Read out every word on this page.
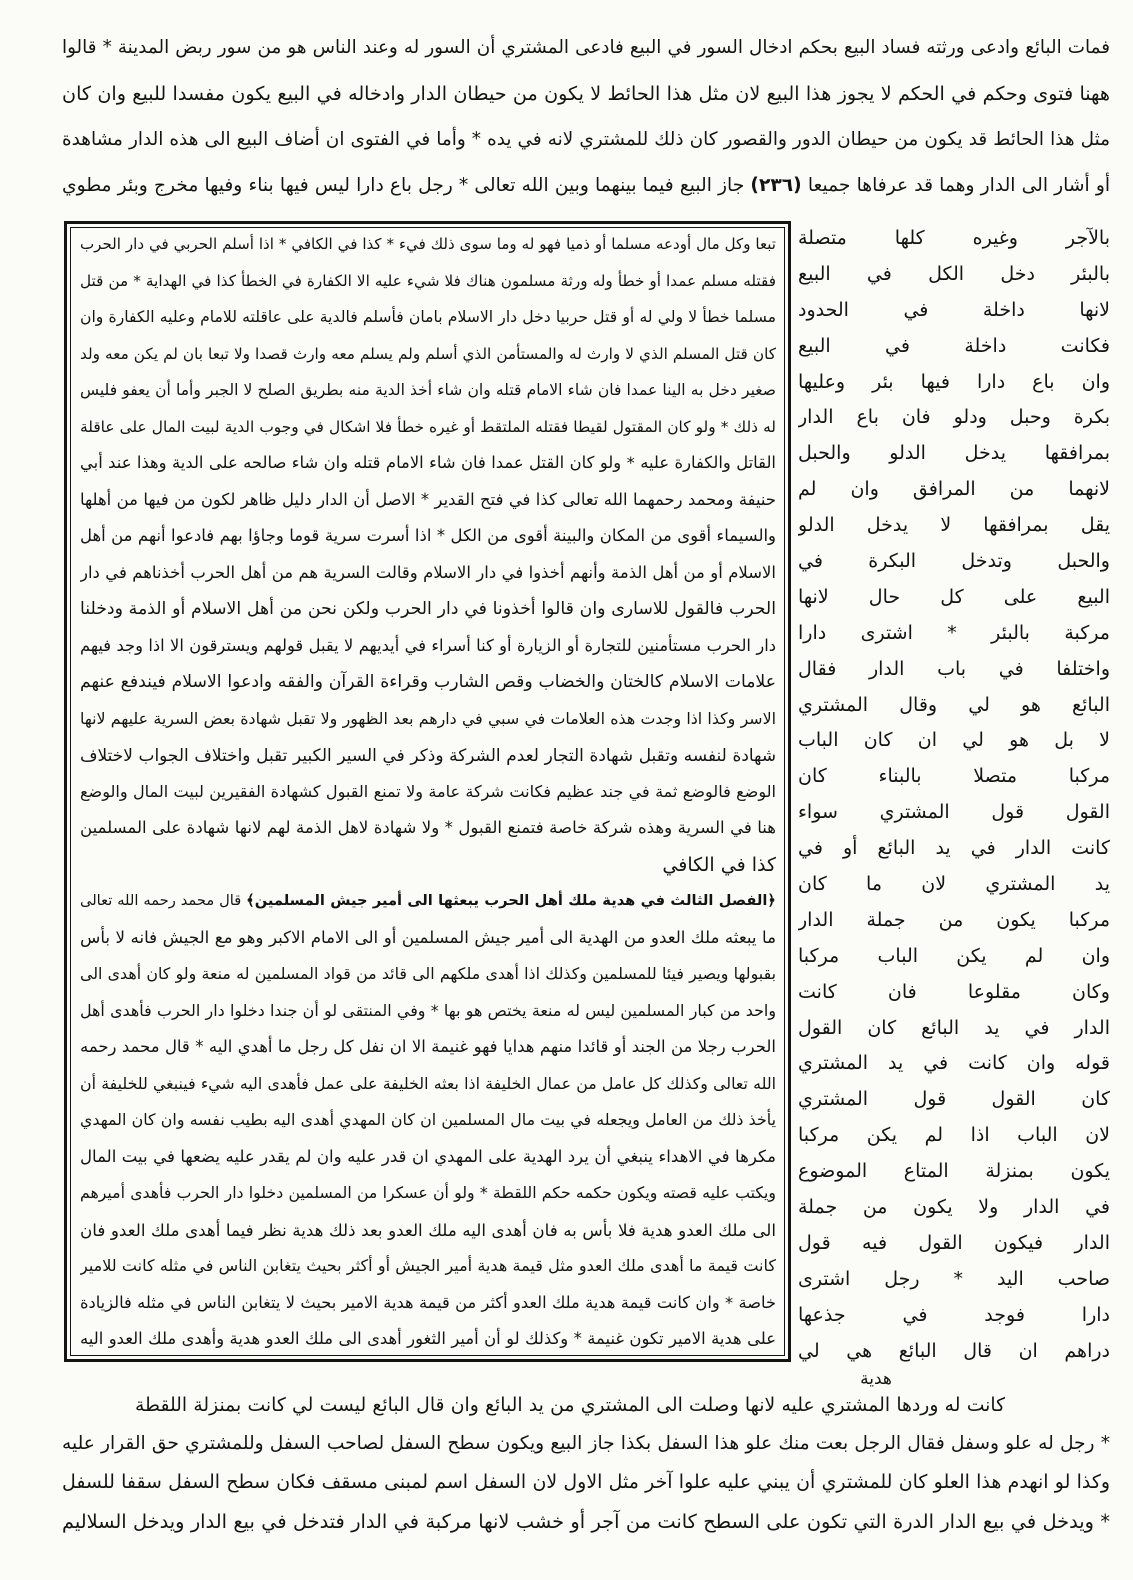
فمات البائع وادعى ورثته فساد البيع بحكم ادخال السور في البيع فادعى المشتري أن السور له وعند الناس هو من سور ربض المدينة * قالوا
ههنا فتوى وحكم في الحكم لا يجوز هذا البيع لان مثل هذا الحائط لا يكون من حيطان الدار وادخاله في البيع يكون مفسدا للبيع وان كان
مثل هذا الحائط قد يكون من حيطان الدور والقصور كان ذلك للمشتري لانه في يده * وأما في الفتوى ان أضاف البيع الى هذه الدار مشاهدة
أو أشار الى الدار وهما قد عرفاها جميعا (٢٣٦) جاز البيع فيما بينهما وبين الله تعالى * رجل باع دارا ليس فيها بناء وفيها مخرج وبئر مطوي
تبعا وكل مال أودعه مسلما أو ذميا فهو له وما سوى ذلك فيء * كذا في الكافي * اذا أسلم الحربي في دار الحرب
فقتله مسلم عمدا أو خطأ وله ورثة مسلمون هناك فلا شيء عليه الا الكفارة في الخطأ كذا في الهداية * من قتل
مسلما خطأ لا ولي له أو قتل حربيا دخل دار الاسلام بامان فأسلم فالدية على عاقلته للامام وعليه الكفارة وان
كان قتل المسلم الذي لا وارث له والمستأمن الذي أسلم ولم يسلم معه وارث قصدا ولا تبعا بان لم يكن معه ولد
صغير دخل به الينا عمدا فان شاء الامام قتله وان شاء أخذ الدية منه بطريق الصلح لا الجبر وأما أن يعفو فليس
له ذلك * ولو كان المقتول لقيطا فقتله الملتقط أو غيره خطأ فلا اشكال في وجوب الدية لبيت المال على عاقلة
القاتل والكفارة عليه * ولو كان القتل عمدا فان شاء الامام قتله وان شاء صالحه على الدية وهذا عند أبي
حنيفة ومحمد رحمهما الله تعالى كذا في فتح القدير * الاصل أن الدار دليل ظاهر لكون من فيها من أهلها
والسيماء أقوى من المكان والبينة أقوى من الكل * اذا أسرت سرية قوما وجاؤا بهم فادعوا أنهم من أهل
الاسلام أو من أهل الذمة وأنهم أخذوا في دار الاسلام وقالت السرية هم من أهل الحرب أخذناهم في دار
الحرب فالقول للاسارى وان قالوا أخذونا في دار الحرب ولكن نحن من أهل الاسلام أو الذمة ودخلنا
دار الحرب مستأمنين للتجارة أو الزيارة أو كنا أسراء في أيديهم لا يقبل قولهم ويسترقون الا اذا وجد فيهم
علامات الاسلام كالختان والخضاب وقص الشارب وقراءة القرآن والفقه وادعوا الاسلام فيندفع عنهم
الاسر وكذا اذا وجدت هذه العلامات في سبي في دارهم بعد الظهور ولا تقبل شهادة بعض السرية عليهم لانها
شهادة لنفسه وتقبل شهادة التجار لعدم الشركة وذكر في السير الكبير تقبل واختلاف الجواب لاختلاف
الوضع فالوضع ثمة في جند عظيم فكانت شركة عامة ولا تمنع القبول كشهادة الفقيرين لبيت المال والوضع
هنا في السرية وهذه شركة خاصة فتمنع القبول * ولا شهادة لاهل الذمة لهم لانها شهادة على المسلمين
كذا في الكافي
﴿الفصل الثالث في هدية ملك أهل الحرب يبعثها الى أمير جيش المسلمين﴾ قال محمد رحمه الله تعالى
ما يبعثه ملك العدو من الهدية الى أمير جيش المسلمين أو الى الامام الاكبر وهو مع الجيش فانه لا بأس
بقبولها ويصير فيئا للمسلمين وكذلك اذا أهدى ملكهم الى قائد من قواد المسلمين له منعة ولو كان أهدى الى
واحد من كبار المسلمين ليس له منعة يختص هو بها * وفي المنتقى لو أن جندا دخلوا دار الحرب فأهدى أهل
الحرب رجلا من الجند أو قائدا منهم هدايا فهو غنيمة الا ان نفل كل رجل ما أهدي اليه * قال محمد رحمه
الله تعالى وكذلك كل عامل من عمال الخليفة اذا بعثه الخليفة على عمل فأهدى اليه شيء فينبغي للخليفة أن
يأخذ ذلك من العامل ويجعله في بيت مال المسلمين ان كان المهدي أهدى اليه بطيب نفسه وان كان المهدي
مكرها في الاهداء ينبغي أن يرد الهدية على المهدي ان قدر عليه وان لم يقدر عليه يضعها في بيت المال
ويكتب عليه قصته ويكون حكمه حكم اللقطة * ولو أن عسكرا من المسلمين دخلوا دار الحرب فأهدى أميرهم
الى ملك العدو هدية فلا بأس به فان أهدى اليه ملك العدو بعد ذلك هدية نظر فيما أهدى ملك العدو فان
كانت قيمة ما أهدى ملك العدو مثل قيمة هدية أمير الجيش أو أكثر بحيث يتغابن الناس في مثله كانت للامير
خاصة * وان كانت قيمة هدية ملك العدو أكثر من قيمة هدية الامير بحيث لا يتغابن الناس في مثله فالزيادة
على هدية الامير تكون غنيمة * وكذلك لو أن أمير الثغور أهدى الى ملك العدو هدية وأهدى ملك العدو اليه
بالآجر وغيره كلها متصلة
بالبئر دخل الكل في البيع
لانها داخلة في الحدود
فكانت داخلة في البيع
وان باع دارا فيها بئر وعليها
بكرة وحبل ودلو فان باع الدار
بمرافقها يدخل الدلو والحبل
لانهما من المرافق وان لم
يقل بمرافقها لا يدخل الدلو
والحبل وتدخل البكرة في
البيع على كل حال لانها
مركبة بالبئر * اشترى دارا
واختلفا في باب الدار فقال
البائع هو لي وقال المشتري
لا بل هو لي ان كان الباب
مركبا متصلا بالبناء كان
القول قول المشتري سواء
كانت الدار في يد البائع أو في
يد المشتري لان ما كان
مركبا يكون من جملة الدار
وان لم يكن الباب مركبا
وكان مقلوعا فان كانت
الدار في يد البائع كان القول
قوله وان كانت في يد المشتري
كان القول قول المشتري
لان الباب اذا لم يكن مركبا
يكون بمنزلة المتاع الموضوع
في الدار ولا يكون من جملة
الدار فيكون القول فيه قول
صاحب اليد * رجل اشترى
دارا فوجد في جذعها
دراهم ان قال البائع هي لي
هدية
كانت له وردها المشتري عليه لانها وصلت الى المشتري من يد البائع وان قال البائع ليست لي كانت بمنزلة اللقطة
* رجل له علو وسفل فقال الرجل بعت منك علو هذا السفل بكذا جاز البيع ويكون سطح السفل لصاحب السفل وللمشتري حق القرار عليه
وكذا لو انهدم هذا العلو كان للمشتري أن يبني عليه علوا آخر مثل الاول لان السفل اسم لمبنى مسقف فكان سطح السفل سقفا للسفل
* ويدخل في بيع الدار الدرة التي تكون على السطح كانت من آجر أو خشب لانها مركبة في الدار فتدخل في بيع الدار ويدخل السلاليم
